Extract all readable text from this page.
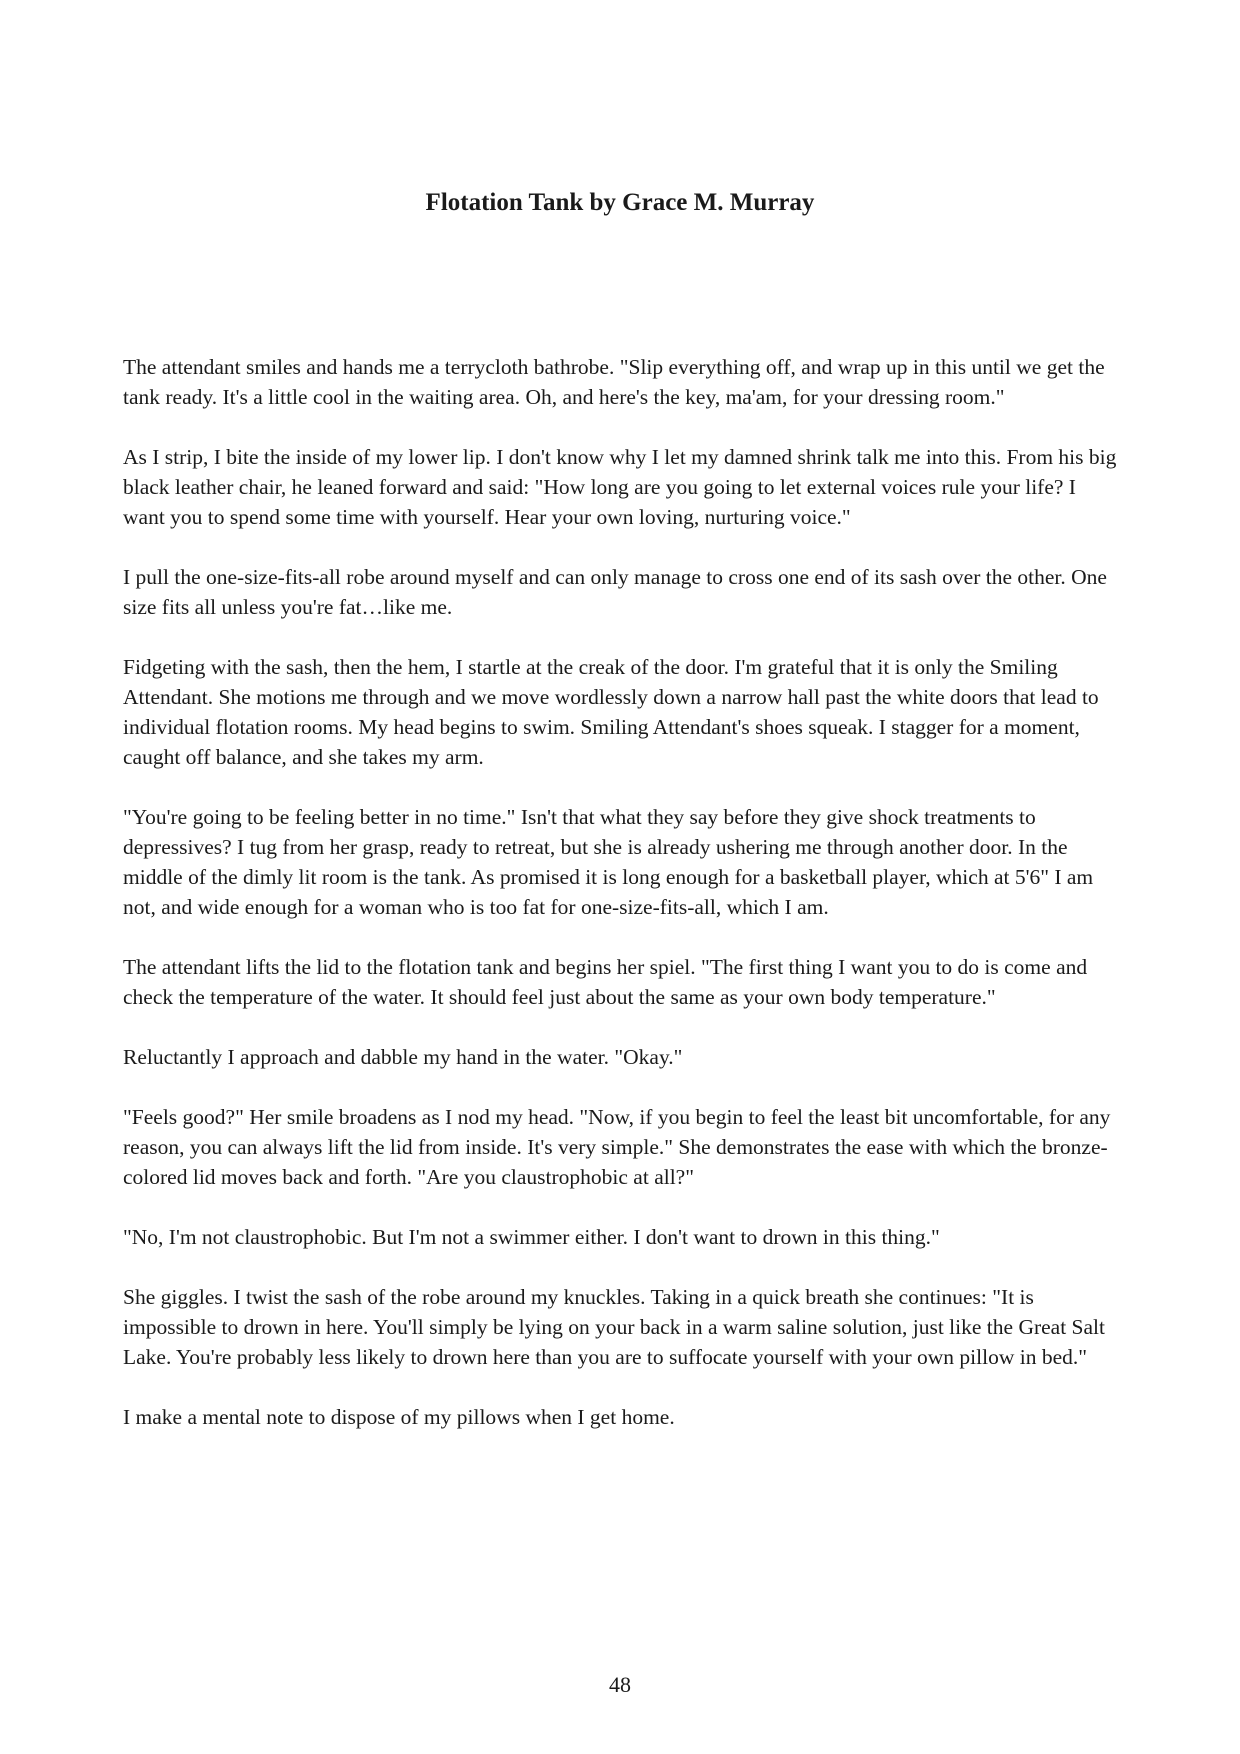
Flotation Tank by Grace M. Murray

The attendant smiles and hands me a terrycloth bathrobe. "Slip everything off, and wrap up in this until we get the tank ready. It's a little cool in the waiting area. Oh, and here's the key, ma'am, for your dressing room."

As I strip, I bite the inside of my lower lip. I don't know why I let my damned shrink talk me into this. From his big black leather chair, he leaned forward and said: "How long are you going to let external voices rule your life? I want you to spend some time with yourself. Hear your own loving, nurturing voice."

I pull the one-size-fits-all robe around myself and can only manage to cross one end of its sash over the other. One size fits all unless you're fat…like me.

Fidgeting with the sash, then the hem, I startle at the creak of the door. I'm grateful that it is only the Smiling Attendant. She motions me through and we move wordlessly down a narrow hall past the white doors that lead to individual flotation rooms. My head begins to swim. Smiling Attendant's shoes squeak. I stagger for a moment, caught off balance, and she takes my arm.

"You're going to be feeling better in no time." Isn't that what they say before they give shock treatments to depressives? I tug from her grasp, ready to retreat, but she is already ushering me through another door. In the middle of the dimly lit room is the tank. As promised it is long enough for a basketball player, which at 5'6" I am not, and wide enough for a woman who is too fat for one-size-fits-all, which I am.

The attendant lifts the lid to the flotation tank and begins her spiel. "The first thing I want you to do is come and check the temperature of the water. It should feel just about the same as your own body temperature."

Reluctantly I approach and dabble my hand in the water. "Okay."

"Feels good?" Her smile broadens as I nod my head. "Now, if you begin to feel the least bit uncomfortable, for any reason, you can always lift the lid from inside. It's very simple." She demonstrates the ease with which the bronze-colored lid moves back and forth. "Are you claustrophobic at all?"

"No, I'm not claustrophobic. But I'm not a swimmer either. I don't want to drown in this thing."

She giggles. I twist the sash of the robe around my knuckles. Taking in a quick breath she continues: "It is impossible to drown in here. You'll simply be lying on your back in a warm saline solution, just like the Great Salt Lake. You're probably less likely to drown here than you are to suffocate yourself with your own pillow in bed."

I make a mental note to dispose of my pillows when I get home.

48
